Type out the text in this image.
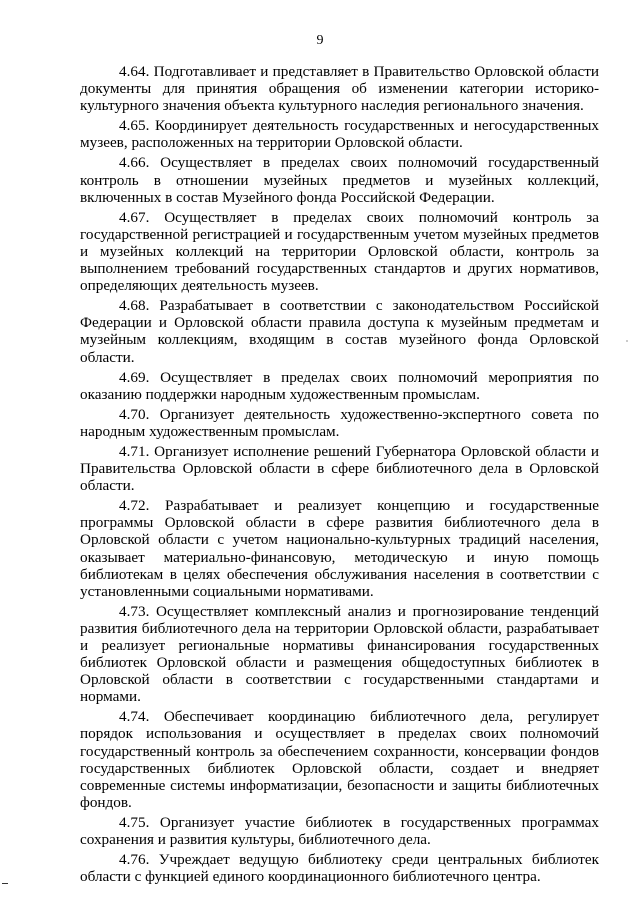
9

4.64. Подготавливает и представляет в Правительство Орловской области документы для принятия обращения об изменении категории историко-культурного значения объекта культурного наследия регионального значения.

4.65. Координирует деятельность государственных и негосударственных музеев, расположенных на территории Орловской области.

4.66. Осуществляет в пределах своих полномочий государственный контроль в отношении музейных предметов и музейных коллекций, включенных в состав Музейного фонда Российской Федерации.

4.67. Осуществляет в пределах своих полномочий контроль за государственной регистрацией и государственным учетом музейных предметов и музейных коллекций на территории Орловской области, контроль за выполнением требований государственных стандартов и других нормативов, определяющих деятельность музеев.

4.68. Разрабатывает в соответствии с законодательством Российской Федерации и Орловской области правила доступа к музейным предметам и музейным коллекциям, входящим в состав музейного фонда Орловской области.

4.69. Осуществляет в пределах своих полномочий мероприятия по оказанию поддержки народным художественным промыслам.

4.70. Организует деятельность художественно-экспертного совета по народным художественным промыслам.

4.71. Организует исполнение решений Губернатора Орловской области и Правительства Орловской области в сфере библиотечного дела в Орловской области.

4.72. Разрабатывает и реализует концепцию и государственные программы Орловской области в сфере развития библиотечного дела в Орловской области с учетом национально-культурных традиций населения, оказывает материально-финансовую, методическую и иную помощь библиотекам в целях обеспечения обслуживания населения в соответствии с установленными социальными нормативами.

4.73. Осуществляет комплексный анализ и прогнозирование тенденций развития библиотечного дела на территории Орловской области, разрабатывает и реализует региональные нормативы финансирования государственных библиотек Орловской области и размещения общедоступных библиотек в Орловской области в соответствии с государственными стандартами и нормами.

4.74. Обеспечивает координацию библиотечного дела, регулирует порядок использования и осуществляет в пределах своих полномочий государственный контроль за обеспечением сохранности, консервации фондов государственных библиотек Орловской области, создает и внедряет современные системы информатизации, безопасности и защиты библиотечных фондов.

4.75. Организует участие библиотек в государственных программах сохранения и развития культуры, библиотечного дела.

4.76. Учреждает ведущую библиотеку среди центральных библиотек области с функцией единого координационного библиотечного центра.
